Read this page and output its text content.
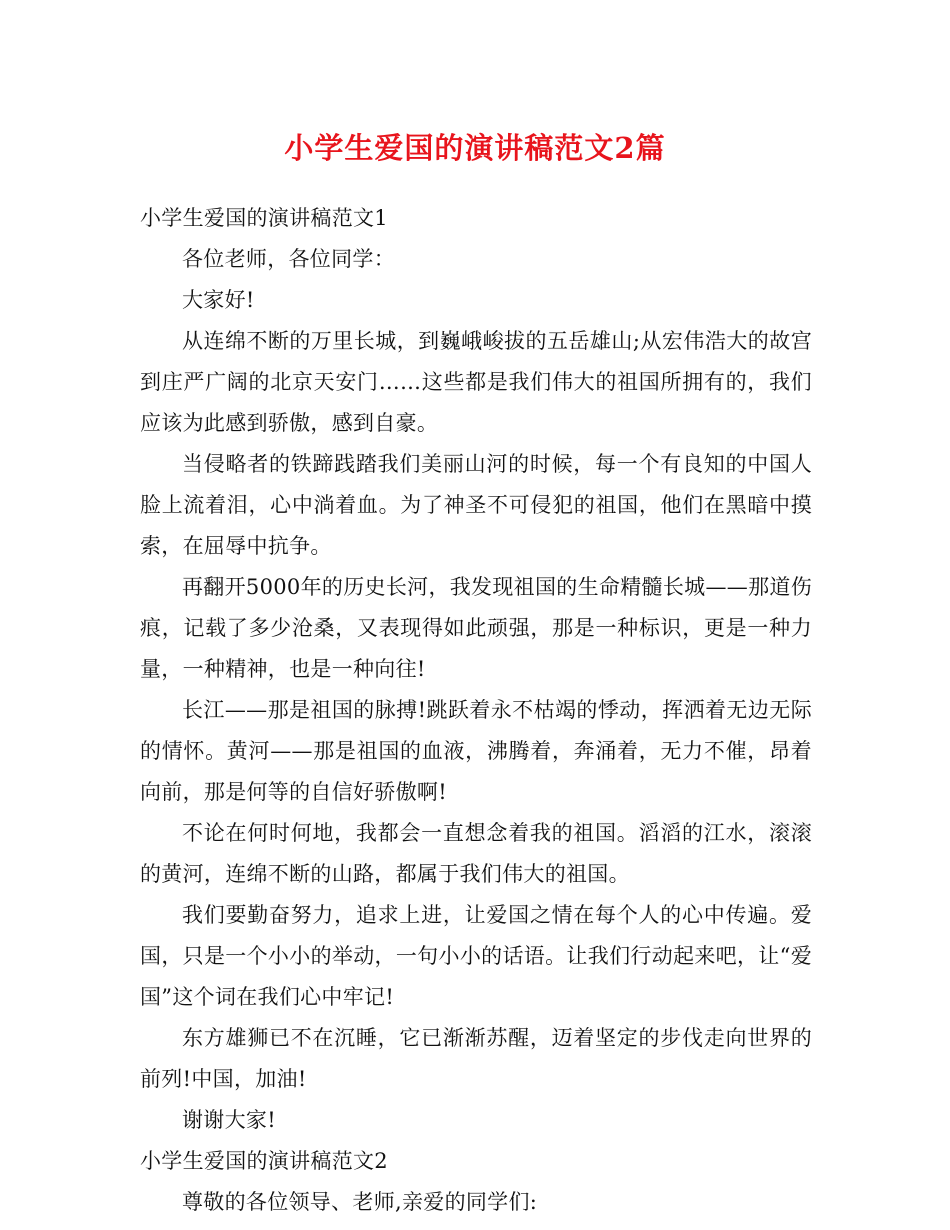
小学生爱国的演讲稿范文2篇

小学生爱国的演讲稿范文1

各位老师，各位同学：

大家好!

从连绵不断的万里长城，到巍峨峻拔的五岳雄山;从宏伟浩大的故宫到庄严广阔的北京天安门……这些都是我们伟大的祖国所拥有的，我们应该为此感到骄傲，感到自豪。

当侵略者的铁蹄践踏我们美丽山河的时候，每一个有良知的中国人脸上流着泪，心中淌着血。为了神圣不可侵犯的祖国，他们在黑暗中摸索，在屈辱中抗争。

再翻开5000年的历史长河，我发现祖国的生命精髓长城——那道伤痕，记载了多少沧桑，又表现得如此顽强，那是一种标识，更是一种力量，一种精神，也是一种向往!

长江——那是祖国的脉搏!跳跃着永不枯竭的悸动，挥洒着无边无际的情怀。黄河——那是祖国的血液，沸腾着，奔涌着，无力不催，昂着向前，那是何等的自信好骄傲啊!

不论在何时何地，我都会一直想念着我的祖国。滔滔的江水，滚滚的黄河，连绵不断的山路，都属于我们伟大的祖国。

我们要勤奋努力，追求上进，让爱国之情在每个人的心中传遍。爱国，只是一个小小的举动，一句小小的话语。让我们行动起来吧，让“爱国”这个词在我们心中牢记!

东方雄狮已不在沉睡，它已渐渐苏醒，迈着坚定的步伐走向世界的前列!中国，加油!

谢谢大家!

小学生爱国的演讲稿范文2

尊敬的各位领导、老师,亲爱的同学们:
